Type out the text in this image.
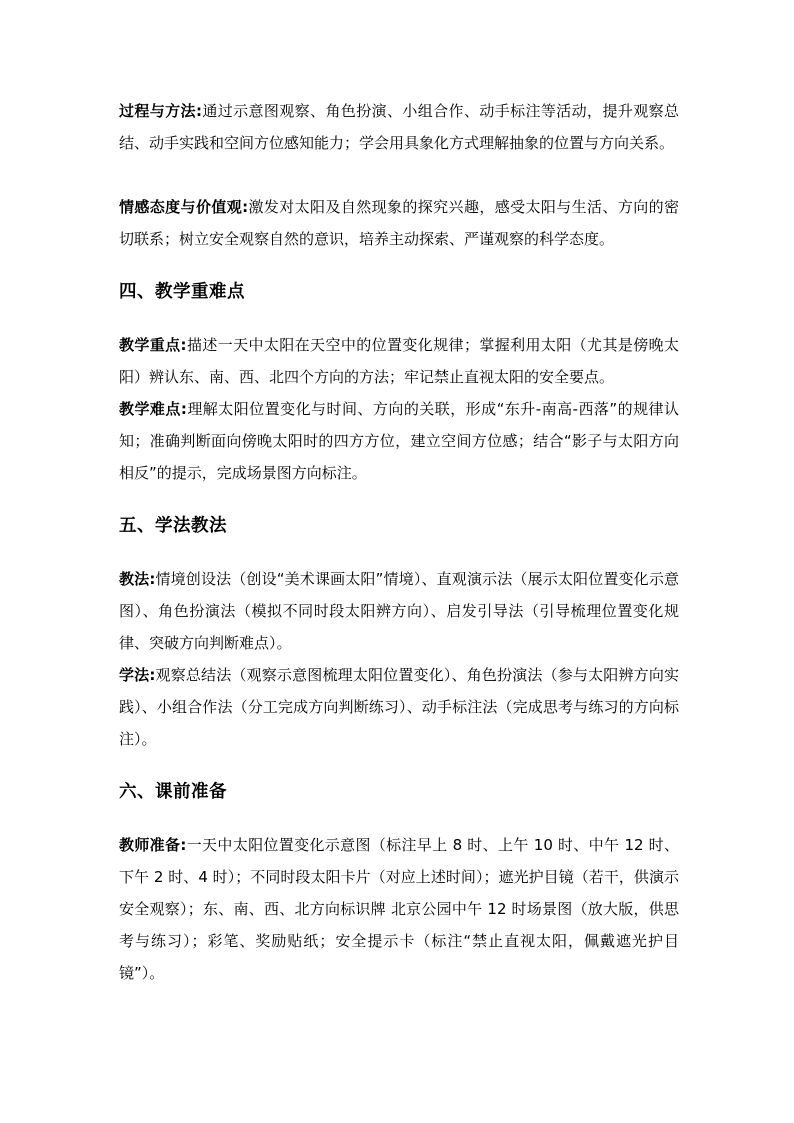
过程与方法:通过示意图观察、角色扮演、小组合作、动手标注等活动，提升观察总结、动手实践和空间方位感知能力；学会用具象化方式理解抽象的位置与方向关系。

情感态度与价值观:激发对太阳及自然现象的探究兴趣，感受太阳与生活、方向的密切联系；树立安全观察自然的意识，培养主动探索、严谨观察的科学态度。

四、教学重难点

教学重点:描述一天中太阳在天空中的位置变化规律；掌握利用太阳（尤其是傍晚太阳）辨认东、南、西、北四个方向的方法；牢记禁止直视太阳的安全要点。

教学难点:理解太阳位置变化与时间、方向的关联，形成“东升-南高-西落”的规律认知；准确判断面向傍晚太阳时的四方方位，建立空间方位感；结合“影子与太阳方向相反”的提示，完成场景图方向标注。

五、学法教法

教法:情境创设法（创设“美术课画太阳”情境）、直观演示法（展示太阳位置变化示意图）、角色扮演法（模拟不同时段太阳辨方向）、启发引导法（引导梳理位置变化规律、突破方向判断难点）。

学法:观察总结法（观察示意图梳理太阳位置变化）、角色扮演法（参与太阳辨方向实践）、小组合作法（分工完成方向判断练习）、动手标注法（完成思考与练习的方向标注）。

六、课前准备

教师准备:一天中太阳位置变化示意图（标注早上 8 时、上午 10 时、中午 12 时、下午 2 时、4 时）；不同时段太阳卡片（对应上述时间）；遮光护目镜（若干，供演示安全观察）；东、南、西、北方向标识牌 北京公园中午 12 时场景图（放大版，供思考与练习）；彩笔、奖励贴纸；安全提示卡（标注“禁止直视太阳，佩戴遮光护目镜”）。
